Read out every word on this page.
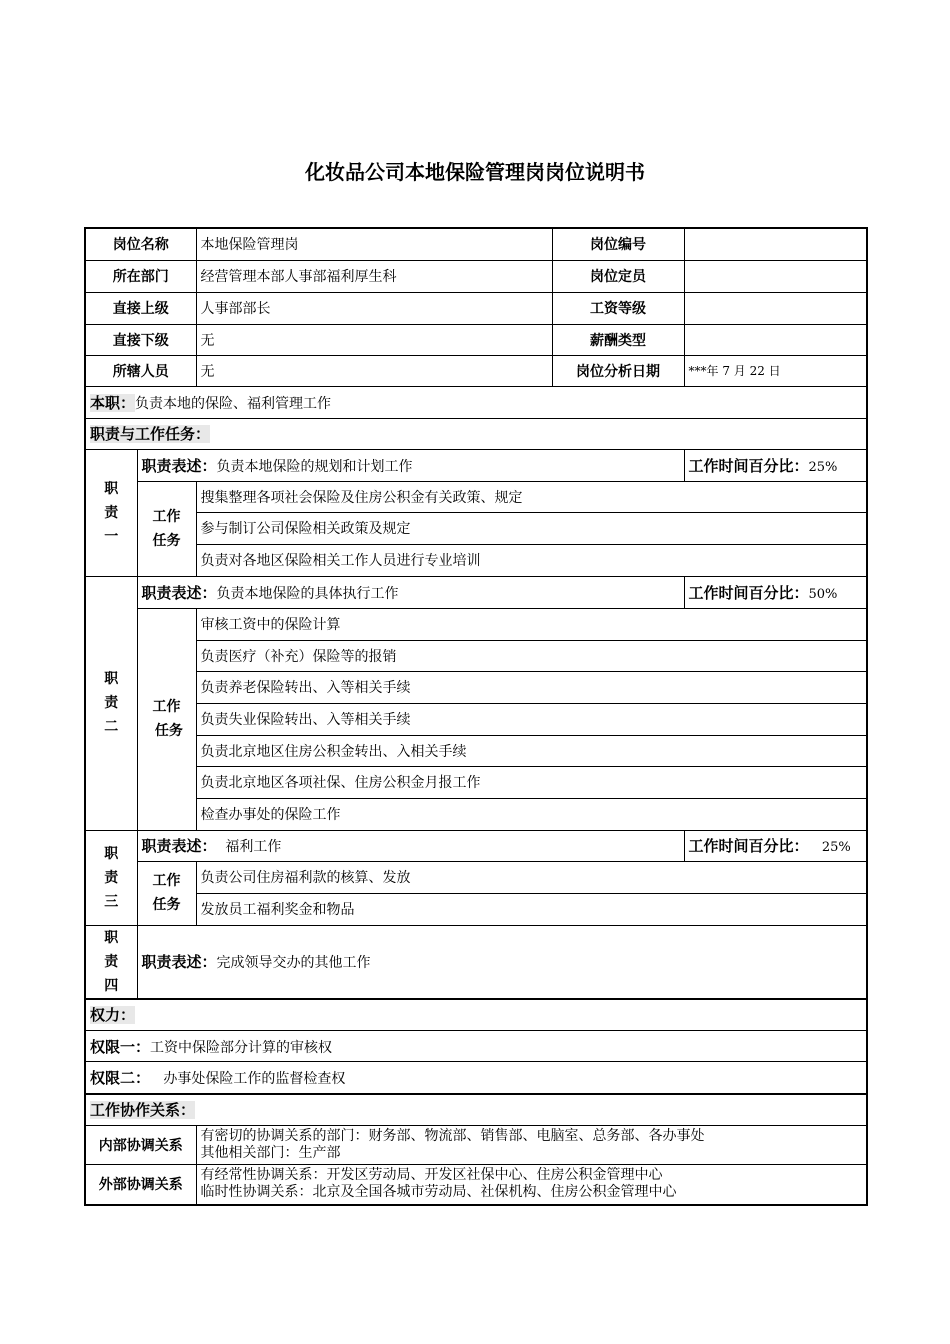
化妆品公司本地保险管理岗岗位说明书
岗位名称		本地保险管理岗	岗位编号	
所在部门		经营管理本部人事部福利厚生科	岗位定员	
直接上级		人事部部长	工资等级	
直接下级		无	薪酬类型	
所辖人员		无	岗位分析日期	***年 7 月 22 日
本职：负责本地的保险、福利管理工作				
职责与工作任务：				
职
责
一	职责表述：负责本地保险的规划和计划工作			工作时间百分比：25%
	工作
任务	搜集整理各项社会保险及住房公积金有关政策、规定		
		参与制订公司保险相关政策及规定		
		负责对各地区保险相关工作人员进行专业培训		
职
责
二	职责表述：负责本地保险的具体执行工作			工作时间百分比：50%
	工作
任务	审核工资中的保险计算		
		负责医疗（补充）保险等的报销		
		负责养老保险转出、入等相关手续		
		负责失业保险转出、入等相关手续		
		负责北京地区住房公积金转出、入相关手续		
		负责北京地区各项社保、住房公积金月报工作		
		检查办事处的保险工作		
职
责
三	职责表述： 福利工作			工作时间百分比： 25%
	工作
任务	负责公司住房福利款的核算、发放		
		发放员工福利奖金和物品		
职
责
四	职责表述：完成领导交办的其他工作			
权力：				
权限一：工资中保险部分计算的审核权				
权限二： 办事处保险工作的监督检查权				
工作协作关系：				
内部协调关系		有密切的协调关系的部门：财务部、物流部、销售部、电脑室、总务部、各办事处
其他相关部门：生产部		

外部协调关系		有经常性协调关系：开发区劳动局、开发区社保中心、住房公积金管理中心
临时性协调关系：北京及全国各城市劳动局、社保机构、住房公积金管理中心		
